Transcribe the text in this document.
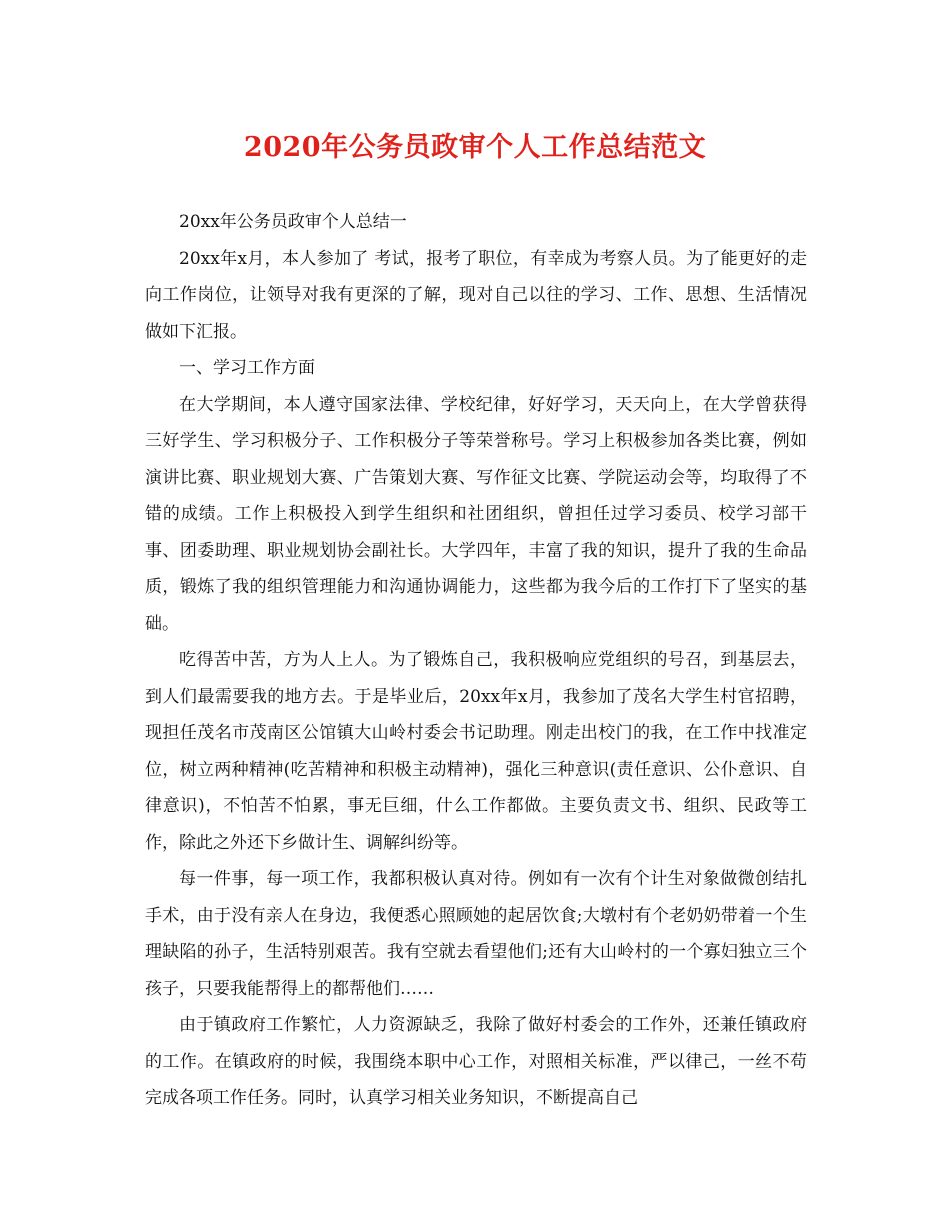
2020年公务员政审个人工作总结范文

20xx年公务员政审个人总结一

20xx年x月，本人参加了 考试，报考了职位，有幸成为考察人员。为了能更好的走向工作岗位，让领导对我有更深的了解，现对自己以往的学习、工作、思想、生活情况做如下汇报。

一、学习工作方面

在大学期间，本人遵守国家法律、学校纪律，好好学习，天天向上，在大学曾获得三好学生、学习积极分子、工作积极分子等荣誉称号。学习上积极参加各类比赛，例如演讲比赛、职业规划大赛、广告策划大赛、写作征文比赛、学院运动会等，均取得了不错的成绩。工作上积极投入到学生组织和社团组织，曾担任过学习委员、校学习部干事、团委助理、职业规划协会副社长。大学四年，丰富了我的知识，提升了我的生命品质，锻炼了我的组织管理能力和沟通协调能力，这些都为我今后的工作打下了坚实的基础。

吃得苦中苦，方为人上人。为了锻炼自己，我积极响应党组织的号召，到基层去，到人们最需要我的地方去。于是毕业后，20xx年x月，我参加了茂名大学生村官招聘，现担任茂名市茂南区公馆镇大山岭村委会书记助理。刚走出校门的我，在工作中找准定位，树立两种精神(吃苦精神和积极主动精神)，强化三种意识(责任意识、公仆意识、自律意识)，不怕苦不怕累，事无巨细，什么工作都做。主要负责文书、组织、民政等工作，除此之外还下乡做计生、调解纠纷等。

每一件事，每一项工作，我都积极认真对待。例如有一次有个计生对象做微创结扎手术，由于没有亲人在身边，我便悉心照顾她的起居饮食;大墩村有个老奶奶带着一个生理缺陷的孙子，生活特别艰苦。我有空就去看望他们;还有大山岭村的一个寡妇独立三个孩子，只要我能帮得上的都帮他们……

由于镇政府工作繁忙，人力资源缺乏，我除了做好村委会的工作外，还兼任镇政府的工作。在镇政府的时候，我围绕本职中心工作，对照相关标准，严以律己，一丝不苟完成各项工作任务。同时，认真学习相关业务知识，不断提高自己
